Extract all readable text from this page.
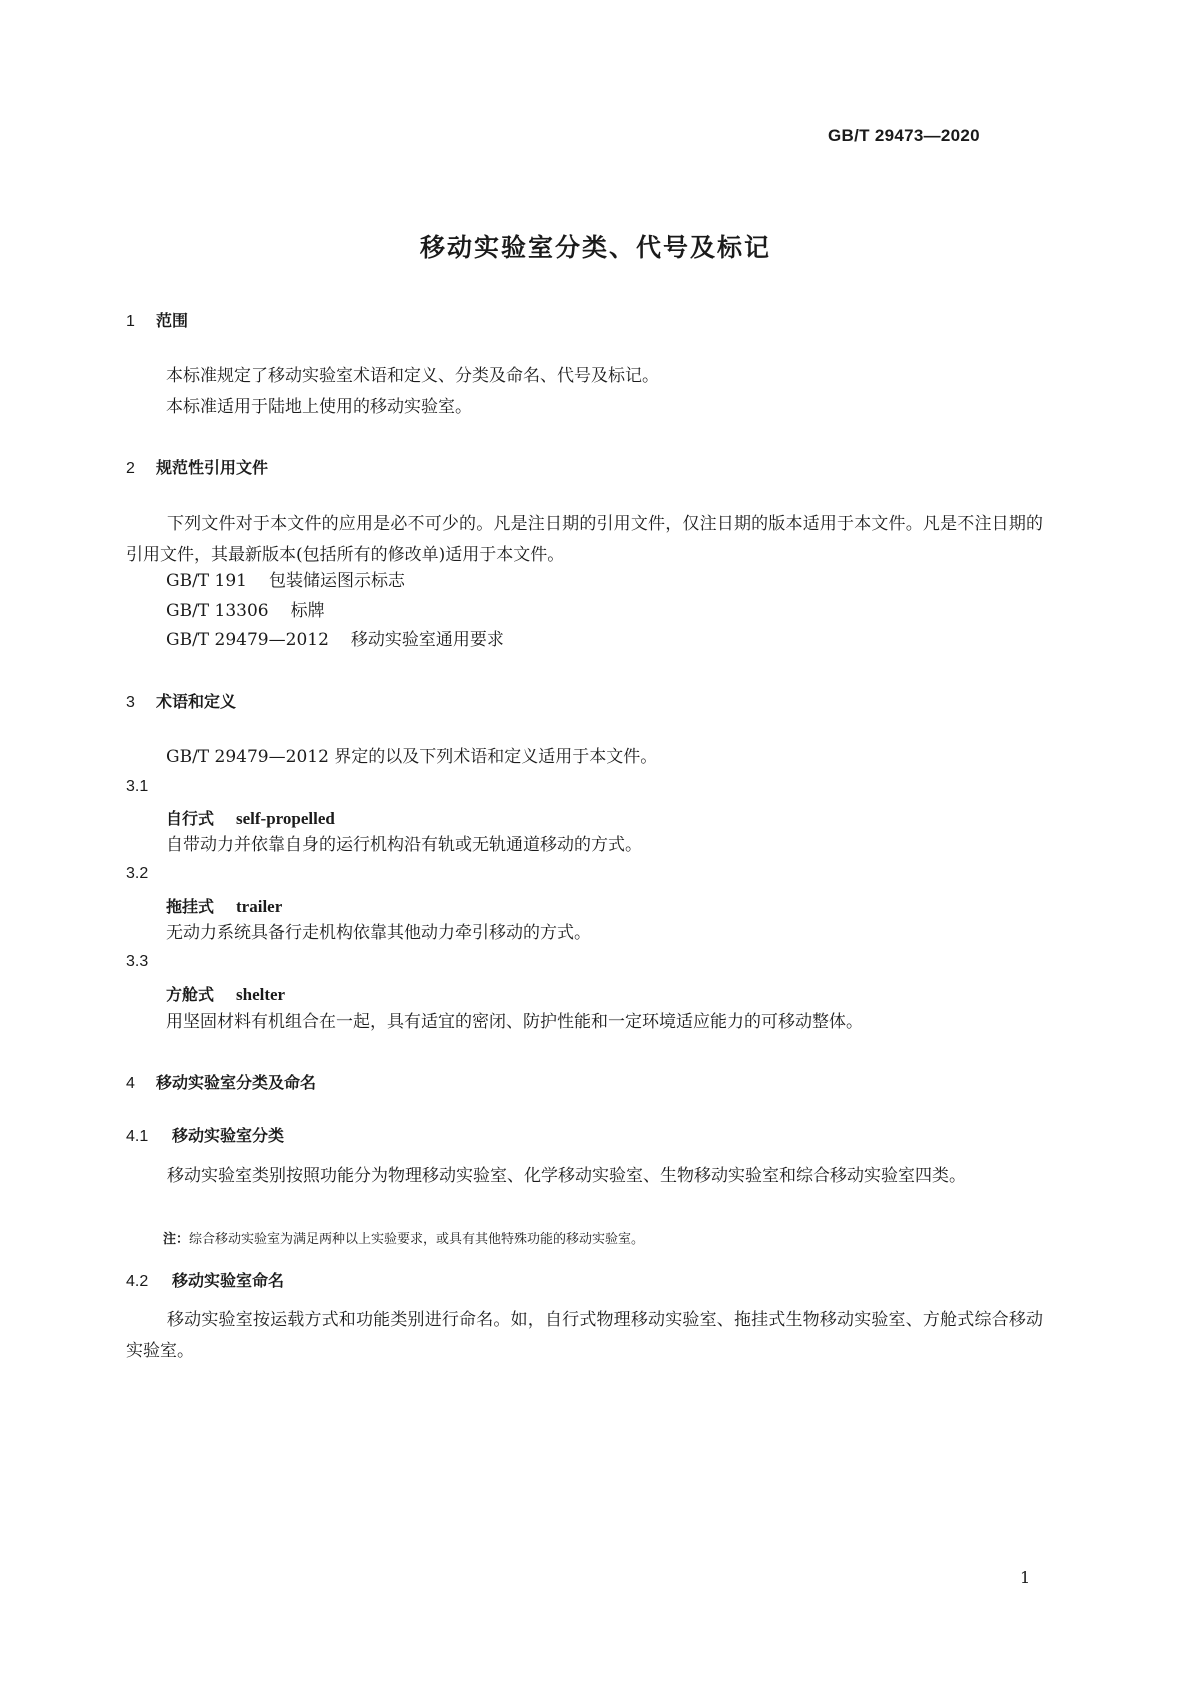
GB/T 29473—2020
移动实验室分类、代号及标记
1 范围
本标准规定了移动实验室术语和定义、分类及命名、代号及标记。
本标准适用于陆地上使用的移动实验室。
2 规范性引用文件
下列文件对于本文件的应用是必不可少的。凡是注日期的引用文件，仅注日期的版本适用于本文件。凡是不注日期的引用文件，其最新版本(包括所有的修改单)适用于本文件。
GB/T 191 包装储运图示标志
GB/T 13306 标牌
GB/T 29479—2012 移动实验室通用要求
3 术语和定义
GB/T 29479—2012 界定的以及下列术语和定义适用于本文件。
3.1
自行式 self-propelled
自带动力并依靠自身的运行机构沿有轨或无轨通道移动的方式。
3.2
拖挂式 trailer
无动力系统具备行走机构依靠其他动力牵引移动的方式。
3.3
方舱式 shelter
用坚固材料有机组合在一起，具有适宜的密闭、防护性能和一定环境适应能力的可移动整体。
4 移动实验室分类及命名
4.1 移动实验室分类
移动实验室类别按照功能分为物理移动实验室、化学移动实验室、生物移动实验室和综合移动实验室四类。
注：综合移动实验室为满足两种以上实验要求，或具有其他特殊功能的移动实验室。
4.2 移动实验室命名
移动实验室按运载方式和功能类别进行命名。如，自行式物理移动实验室、拖挂式生物移动实验室、方舱式综合移动实验室。
1
